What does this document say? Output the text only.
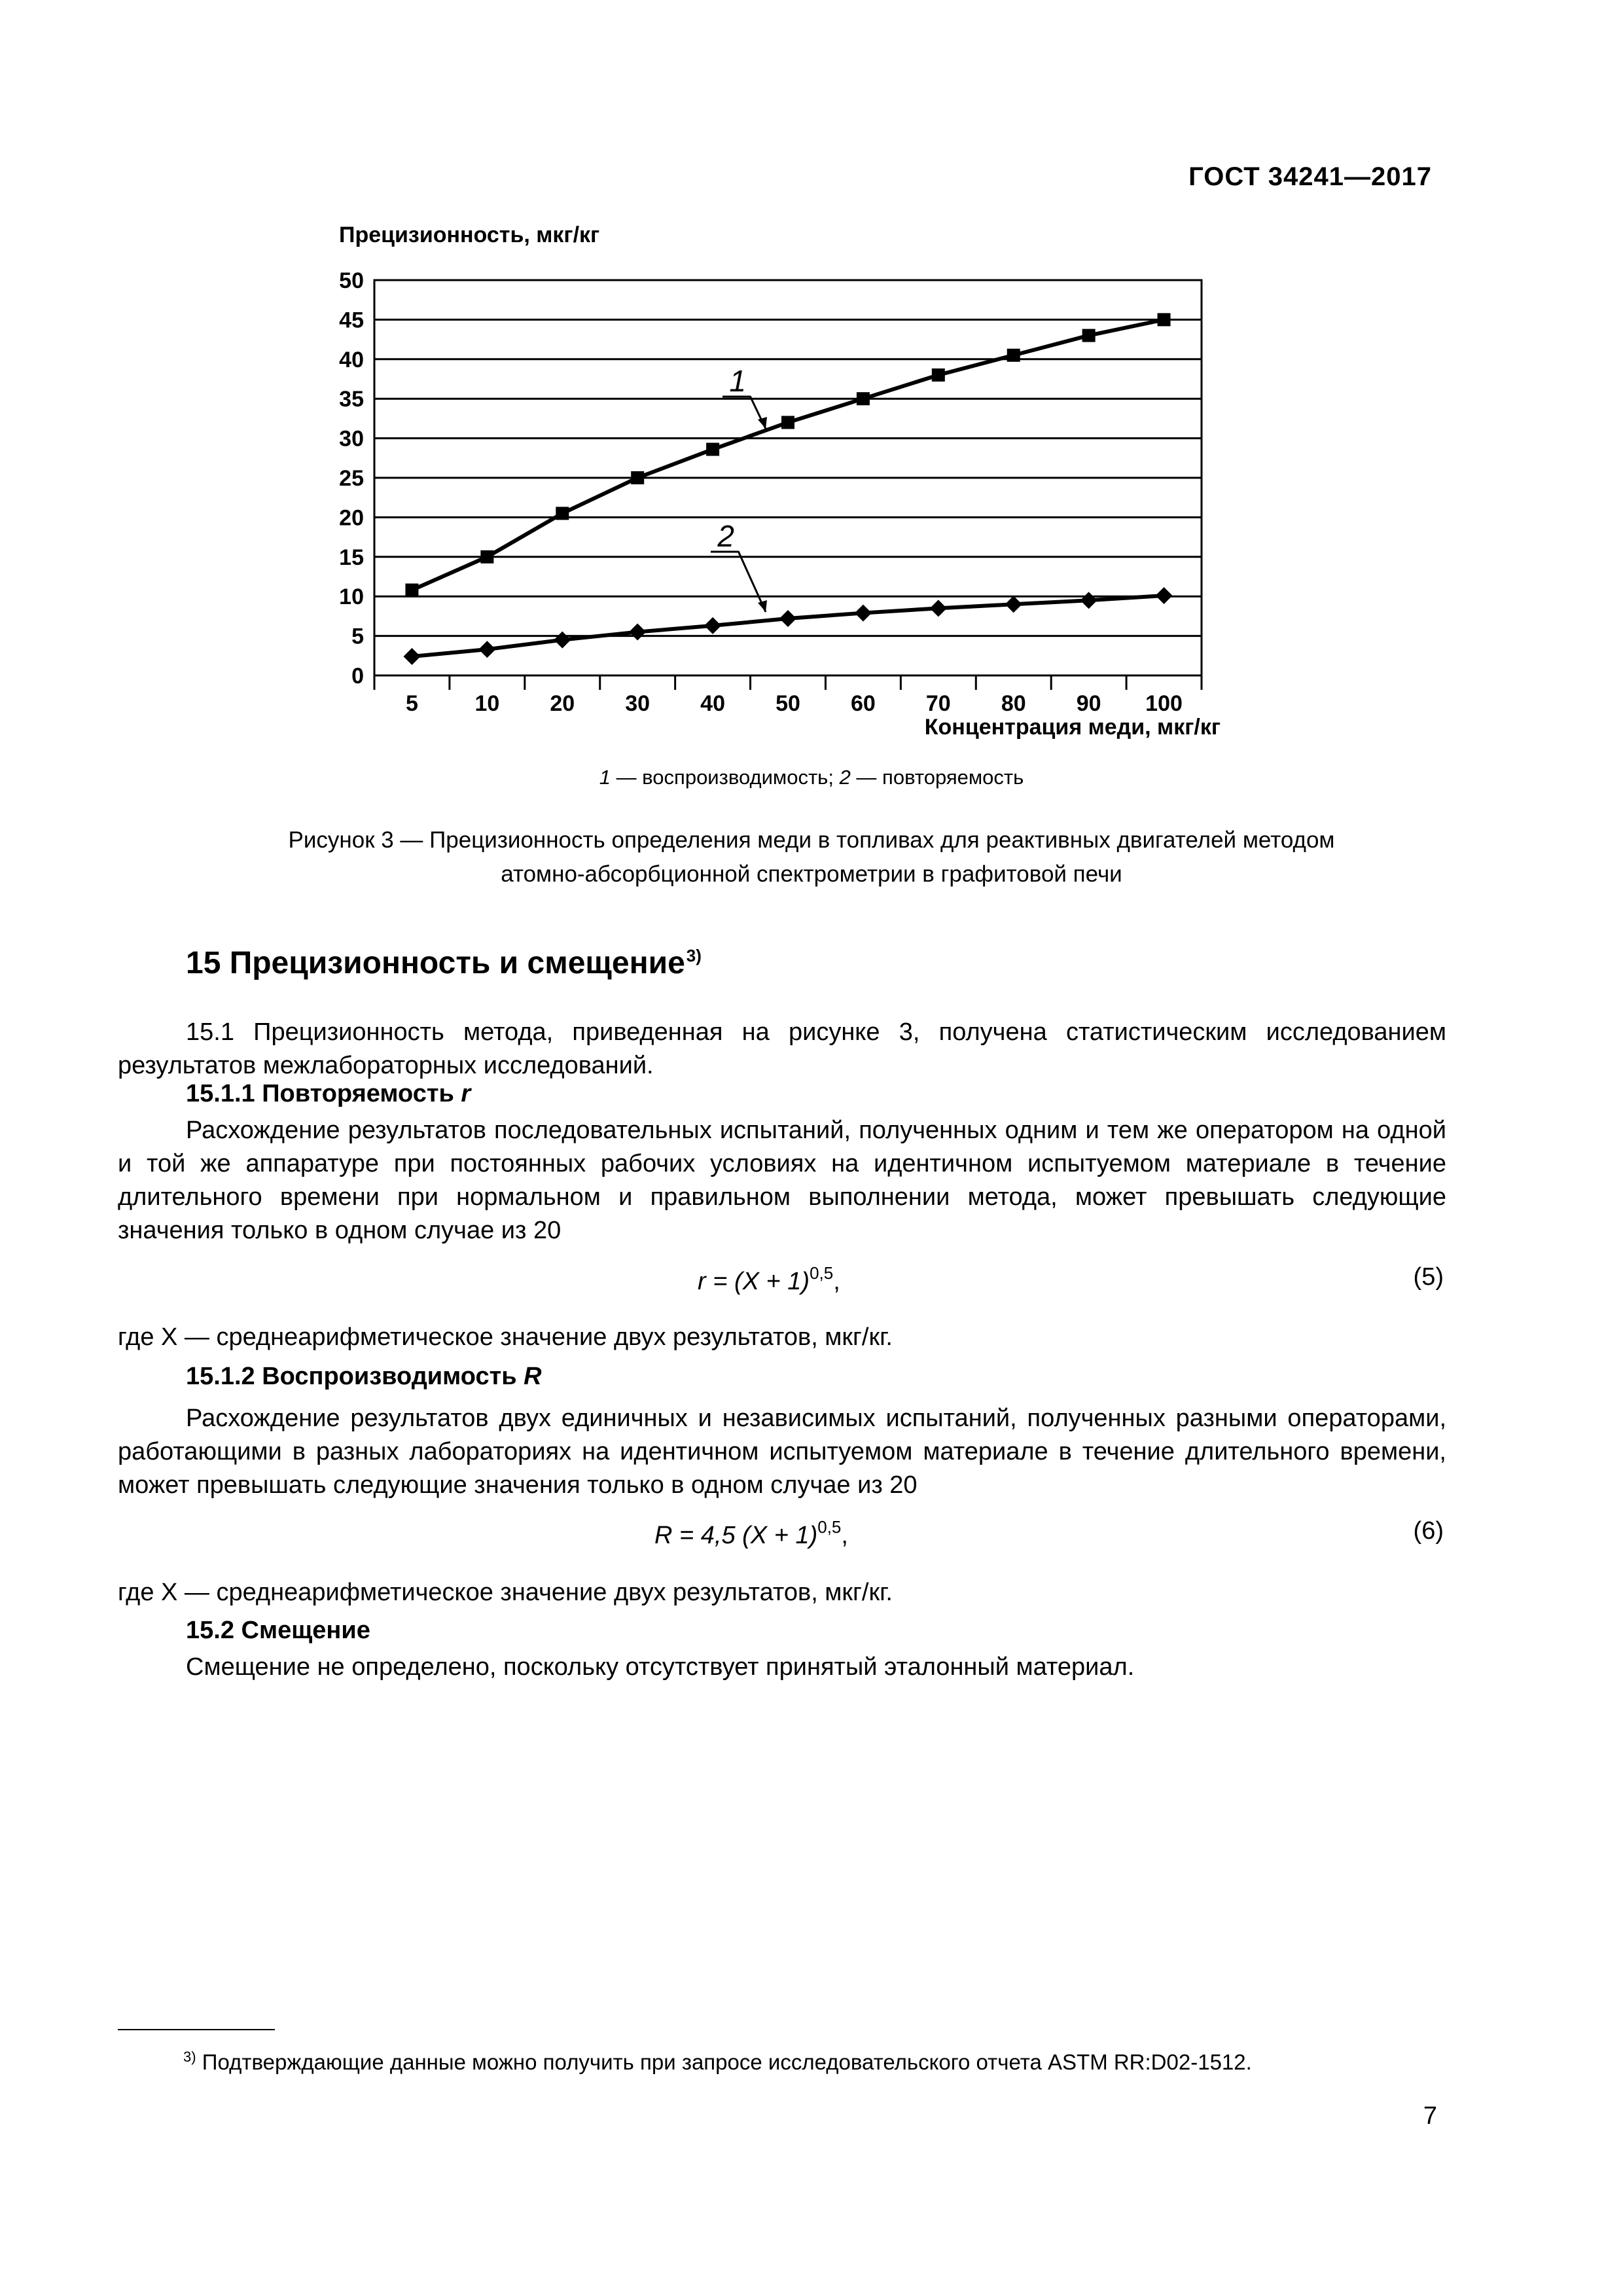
ГОСТ 34241—2017
Прецизионность, мкг/кг
0
5
10
15
20
25
30
35
40
45
50
5	10 20 30 40 50 60 70 80 90 100
Концентрация меди, мкг/кг
1
2
1 — воспроизводимость; 2 — повторяемость
Рисунок 3 — Прецизионность определения меди в топливах для реактивных двигателей методом
атомно-абсорбционной спектрометрии в графитовой печи
15 Прецизионность и смещение$^{3)}$
15.1 Прецизионность метода, приведенная на рисунке 3, получена статистическим исследованием результатов межлабораторных исследований.
15.1.1 Повторяемость r
Расхождение результатов последовательных испытаний, полученных одним и тем же оператором на одной и той же аппаратуре при постоянных рабочих условиях на идентичном испытуемом материале в течение длительного времени при нормальном и правильном выполнении метода, может превышать следующие значения только в одном случае из 20
$r = (X + 1)^{0,5}$,	(5)
где X — среднеарифметическое значение двух результатов, мкг/кг.
15.1.2 Воспроизводимость R
Расхождение результатов двух единичных и независимых испытаний, полученных разными операторами, работающими в разных лабораториях на идентичном испытуемом материале в течение длительного времени, может превышать следующие значения только в одном случае из 20
R = 4,5 $(X + 1)^{0,5}$,	(6)
где X — среднеарифметическое значение двух результатов, мкг/кг.
15.2 Смещение
Смещение не определено, поскольку отсутствует принятый эталонный материал.
$^{3)}$ Подтверждающие данные можно получить при запросе исследовательского отчета ASTM RR:D02-1512.
7
